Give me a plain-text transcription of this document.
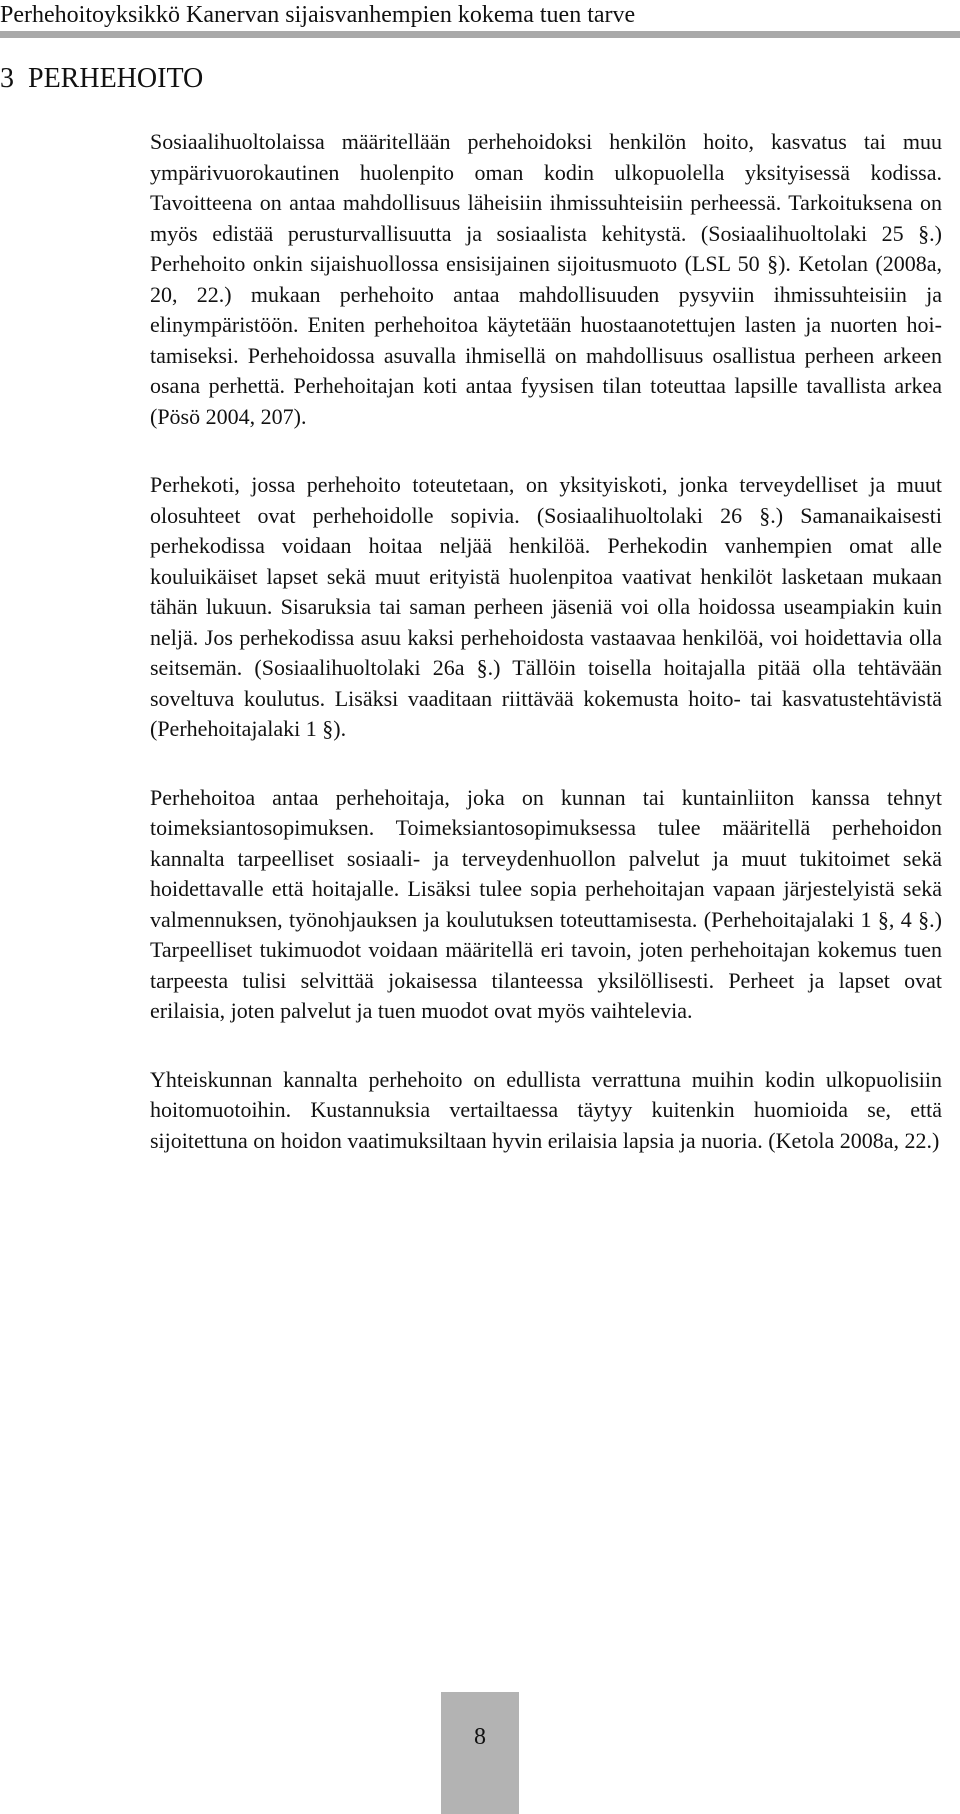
Perhehoitoyksikkö Kanervan sijaisvanhempien kokema tuen tarve
3 PERHEHOITO

Sosiaalihuoltolaissa määritellään perhehoidoksi henkilön hoito, kasvatus tai muu ympärivuorokautinen huolenpito oman kodin ulkopuolella yksityisessä kodissa. Tavoitteena on antaa mahdollisuus läheisiin ihmissuhteisiin perheessä. Tarkoituksena on myös edistää perusturvallisuutta ja sosiaalista kehitystä. (Sosiaalihuoltolaki 25 §.) Perhehoito onkin sijaishuollossa ensisijainen sijoitusmuoto (LSL 50 §). Ketolan (2008a, 20, 22.) mukaan perhehoito antaa mahdollisuuden pysyviin ihmissuhteisiin ja elinympäristöön. Eniten perhehoitoa käytetään huostaanotettujen lasten ja nuorten hoitamiseksi. Perhehoidossa asuvalla ihmisellä on mahdollisuus osallistua perheen arkeen osana perhettä. Perhehoitajan koti antaa fyysisen tilan toteuttaa lapsille tavallista arkea (Pösö 2004, 207).

Perhekoti, jossa perhehoito toteutetaan, on yksityiskoti, jonka terveydelliset ja muut olosuhteet ovat perhehoidolle sopivia. (Sosiaalihuoltolaki 26 §.) Samanaikaisesti perhekodissa voidaan hoitaa neljää henkilöä. Perhekodin vanhempien omat alle kouluikäiset lapset sekä muut erityistä huolenpitoa vaativat henkilöt lasketaan mukaan tähän lukuun. Sisaruksia tai saman perheen jäseniä voi olla hoidossa useampiakin kuin neljä. Jos perhekodissa asuu kaksi perhehoidosta vastaavaa henkilöä, voi hoidettavia olla seitsemän. (Sosiaalihuoltolaki 26a §.) Tällöin toisella hoitajalla pitää olla tehtävään soveltuva koulutus. Lisäksi vaaditaan riittävää kokemusta hoito- tai kasvatustehtävistä (Perhehoitajalaki 1 §).

Perhehoitoa antaa perhehoitaja, joka on kunnan tai kuntainliiton kanssa tehnyt toimeksiantosopimuksen. Toimeksiantosopimuksessa tulee määritellä perhehoidon kannalta tarpeelliset sosiaali- ja terveydenhuollon palvelut ja muut tukitoimet sekä hoidettavalle että hoitajalle. Lisäksi tulee sopia perhehoitajan vapaan järjestelyistä sekä valmennuksen, työnohjauksen ja koulutuksen toteuttamisesta. (Perhehoitajalaki 1 §, 4 §.) Tarpeelliset tukimuodot voidaan määritellä eri tavoin, joten perhehoitajan kokemus tuen tarpeesta tulisi selvittää jokaisessa tilanteessa yksilöllisesti. Perheet ja lapset ovat erilaisia, joten palvelut ja tuen muodot ovat myös vaihtelevia.

Yhteiskunnan kannalta perhehoito on edullista verrattuna muihin kodin ulkopuolisiin hoitomuotoihin. Kustannuksia vertailtaessa täytyy kuitenkin huomioida se, että sijoitettuna on hoidon vaatimuksiltaan hyvin erilaisia lapsia ja nuoria. (Ketola 2008a, 22.)

8
